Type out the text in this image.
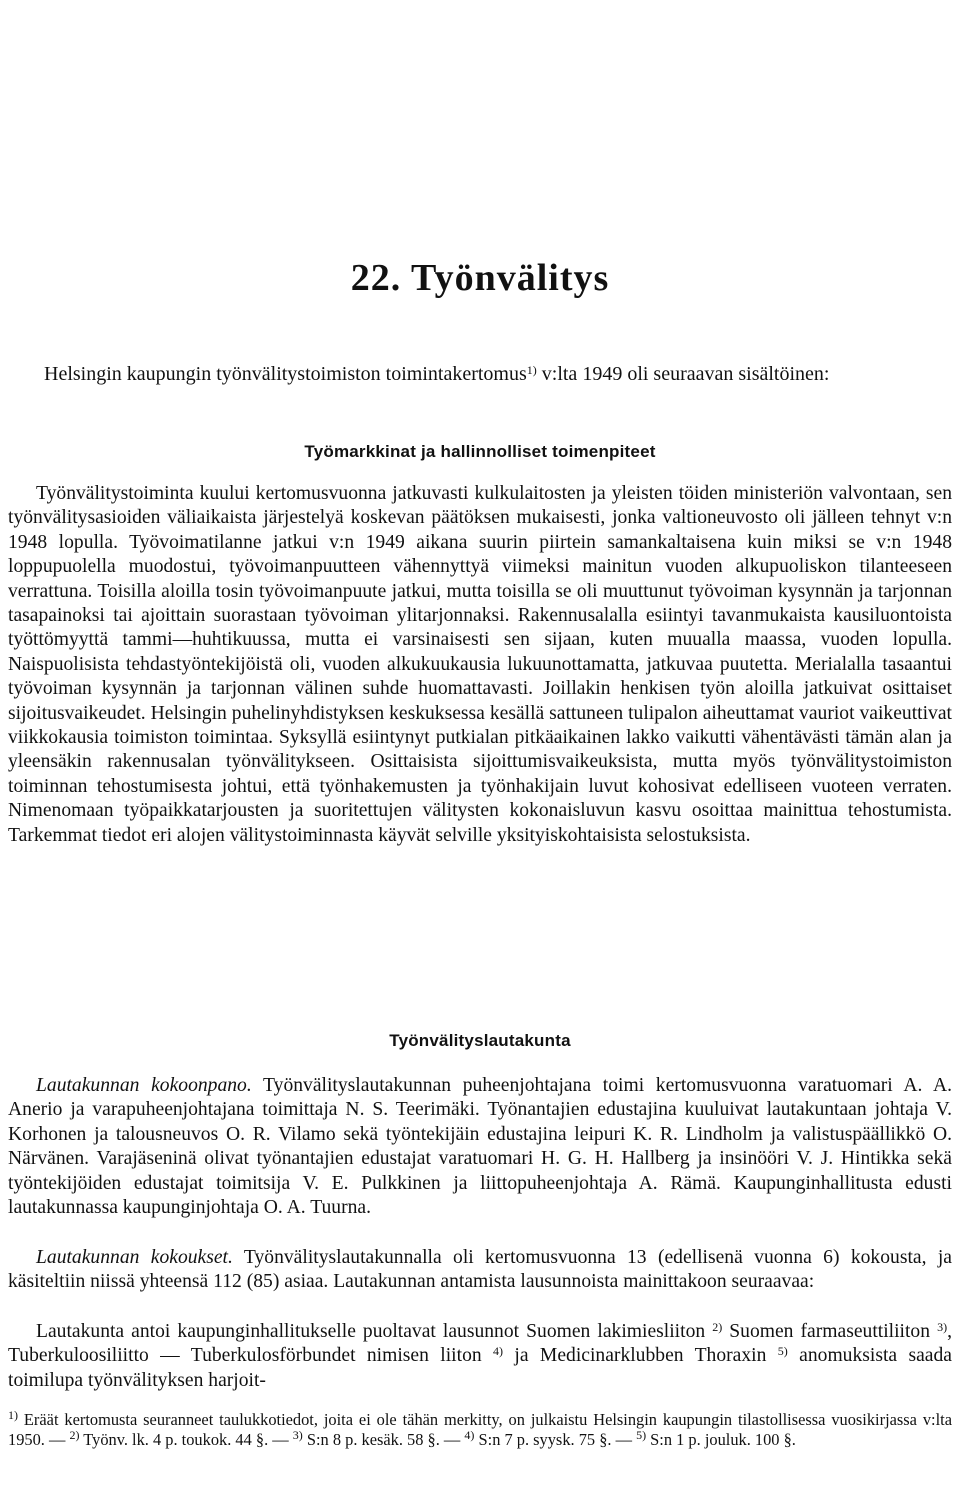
22. Työnvälitys

Helsingin kaupungin työnvälitystoimiston toimintakertomus$^{1)}$ v:lta 1949 oli seuraavan sisältöinen:

Työmarkkinat ja hallinnolliset toimenpiteet

Työnvälitystoiminta kuului kertomusvuonna jatkuvasti kulkulaitosten ja yleisten töiden ministeriön valvontaan, sen työnvälitysasioiden väliaikaista järjestelyä koskevan päätöksen mukaisesti, jonka valtioneuvosto oli jälleen tehnyt v:n 1948 lopulla. Työvoimatilanne jatkui v:n 1949 aikana suurin piirtein samankaltaisena kuin miksi se v:n 1948 loppupuolella muodostui, työvoimanpuutteen vähennyttyä viimeksi mainitun vuoden alkupuoliskon tilanteeseen verrattuna. Toisilla aloilla tosin työvoimanpuute jatkui, mutta toisilla se oli muuttunut työvoiman kysynnän ja tarjonnan tasapainoksi tai ajoittain suorastaan työvoiman ylitarjonnaksi. Rakennusalalla esiintyi tavanmukaista kausiluontoista työttömyyttä tammi—huhtikuussa, mutta ei varsinaisesti sen sijaan, kuten muualla maassa, vuoden lopulla. Naispuolisista tehdastyöntekijöistä oli, vuoden alkukuukausia lukuunottamatta, jatkuvaa puutetta. Merialalla tasaantui työvoiman kysynnän ja tarjonnan välinen suhde huomattavasti. Joillakin henkisen työn aloilla jatkuivat osittaiset sijoitusvaikeudet. Helsingin puhelinyhdistyksen keskuksessa kesällä sattuneen tulipalon aiheuttamat vauriot vaikeuttivat viikkokausia toimiston toimintaa. Syksyllä esiintynyt putkialan pitkäaikainen lakko vaikutti vähentävästi tämän alan ja yleensäkin rakennusalan työnvälitykseen. Osittaisista sijoittumisvaikeuksista, mutta myös työnvälitystoimiston toiminnan tehostumisesta johtui, että työnhakemusten ja työnhakijain luvut kohosivat edelliseen vuoteen verraten. Nimenomaan työpaikkatarjousten ja suoritettujen välitysten kokonaisluvun kasvu osoittaa mainittua tehostumista. Tarkemmat tiedot eri alojen välitystoiminnasta käyvät selville yksityiskohtaisista selostuksista.

Työnvälityslautakunta

Lautakunnan kokoonpano. Työnvälityslautakunnan puheenjohtajana toimi kertomusvuonna varatuomari A. A. Anerio ja varapuheenjohtajana toimittaja N. S. Teerimäki. Työnantajien edustajina kuuluivat lautakuntaan johtaja V. Korhonen ja talousneuvos O. R. Vilamo sekä työntekijäin edustajina leipuri K. R. Lindholm ja valistuspäällikkö O. Närvänen. Varajäseninä olivat työnantajien edustajat varatuomari H. G. H. Hallberg ja insinööri V. J. Hintikka sekä työntekijöiden edustajat toimitsija V. E. Pulkkinen ja liittopuheenjohtaja A. Rämä. Kaupunginhallitusta edusti lautakunnassa kaupunginjohtaja O. A. Tuurna.

Lautakunnan kokoukset. Työnvälityslautakunnalla oli kertomusvuonna 13 (edellisenä vuonna 6) kokousta, ja käsiteltiin niissä yhteensä 112 (85) asiaa. Lautakunnan antamista lausunnoista mainittakoon seuraavaa:

Lautakunta antoi kaupunginhallitukselle puoltavat lausunnot Suomen lakimiesliiton $^{2)}$ Suomen farmaseuttiliiton $^{3)}$, Tuberkuloosiliitto — Tuberkulosförbundet nimisen liiton $^{4)}$ ja Medicinarklubben Thoraxin $^{5)}$ anomuksista saada toimilupa työnvälityksen harjoit-

$^{1)}$ Eräät kertomusta seuranneet taulukkotiedot, joita ei ole tähän merkitty, on julkaistu Helsingin kaupungin tilastollisessa vuosikirjassa v:lta 1950. — $^{2)}$ Työnv. lk. 4 p. toukok. 44 §. — $^{3)}$ S:n 8 p. kesäk. 58 §. — $^{4)}$ S:n 7 p. syysk. 75 §. — $^{5)}$ S:n 1 p. jouluk. 100 §.
